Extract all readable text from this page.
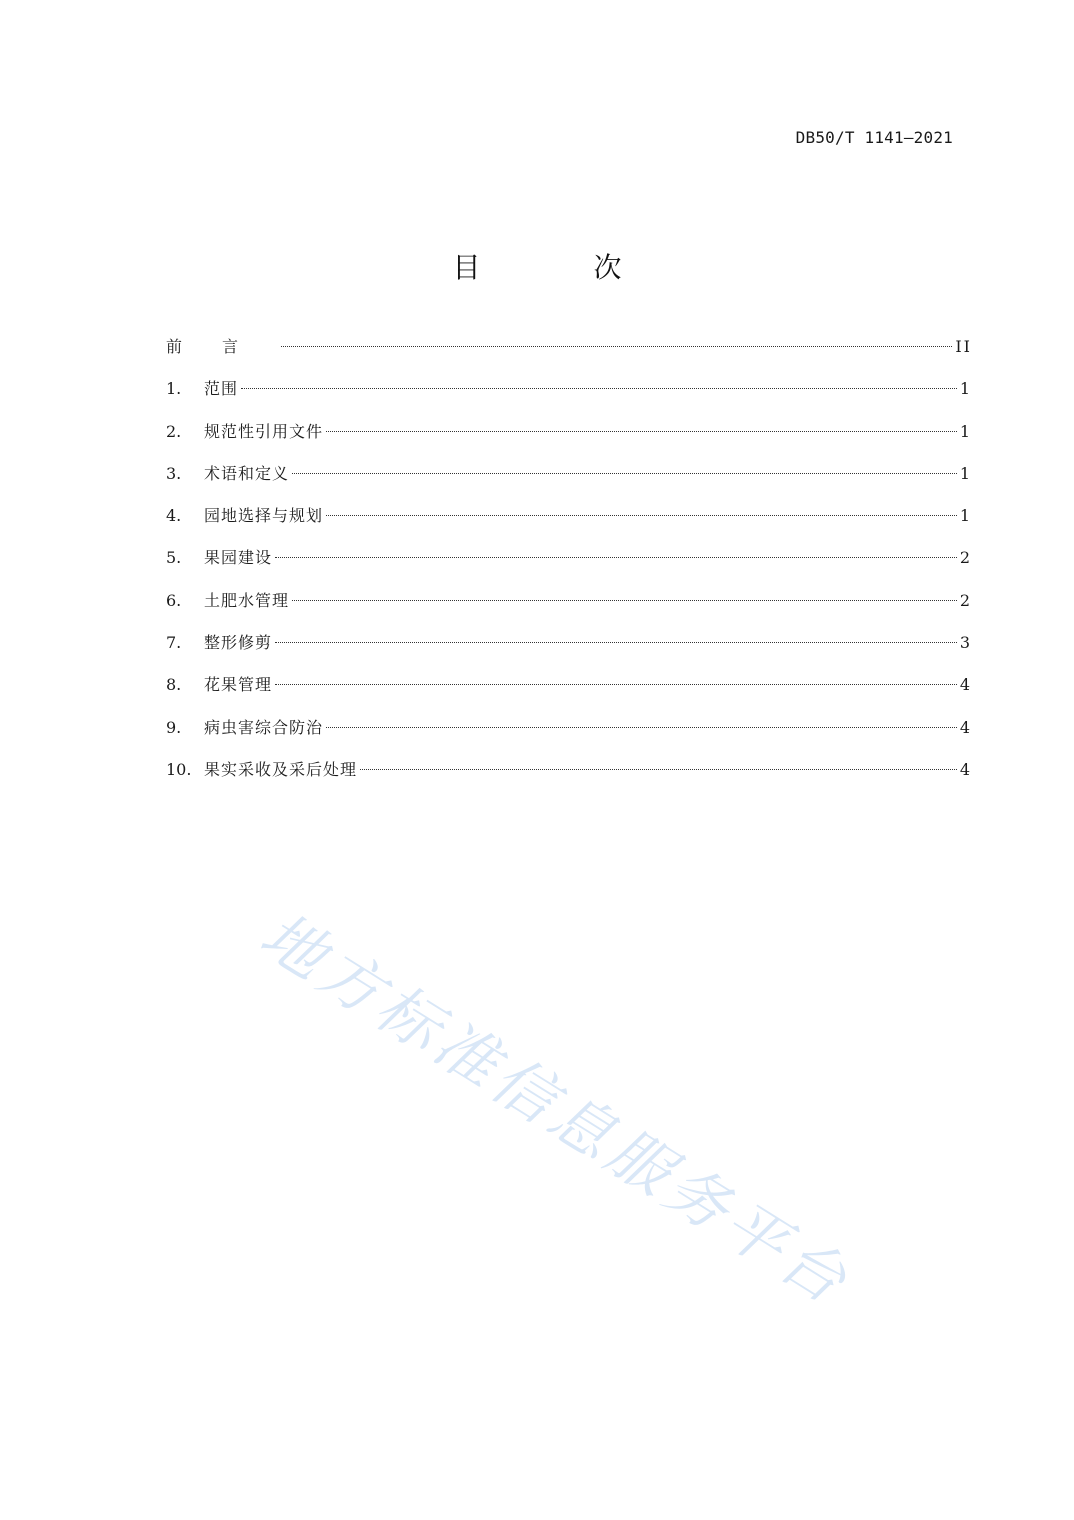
DB50/T 1141—2021
目 次
前言	II
1.	范围	1
2.	规范性引用文件	1
3.	术语和定义	1
4.	园地选择与规划	1
5.	果园建设	2
6.	土肥水管理	2
7.	整形修剪	3
8.	花果管理	4
9.	病虫害综合防治	4
10. 果实采收及采后处理	4
地方标准信息服务平台
